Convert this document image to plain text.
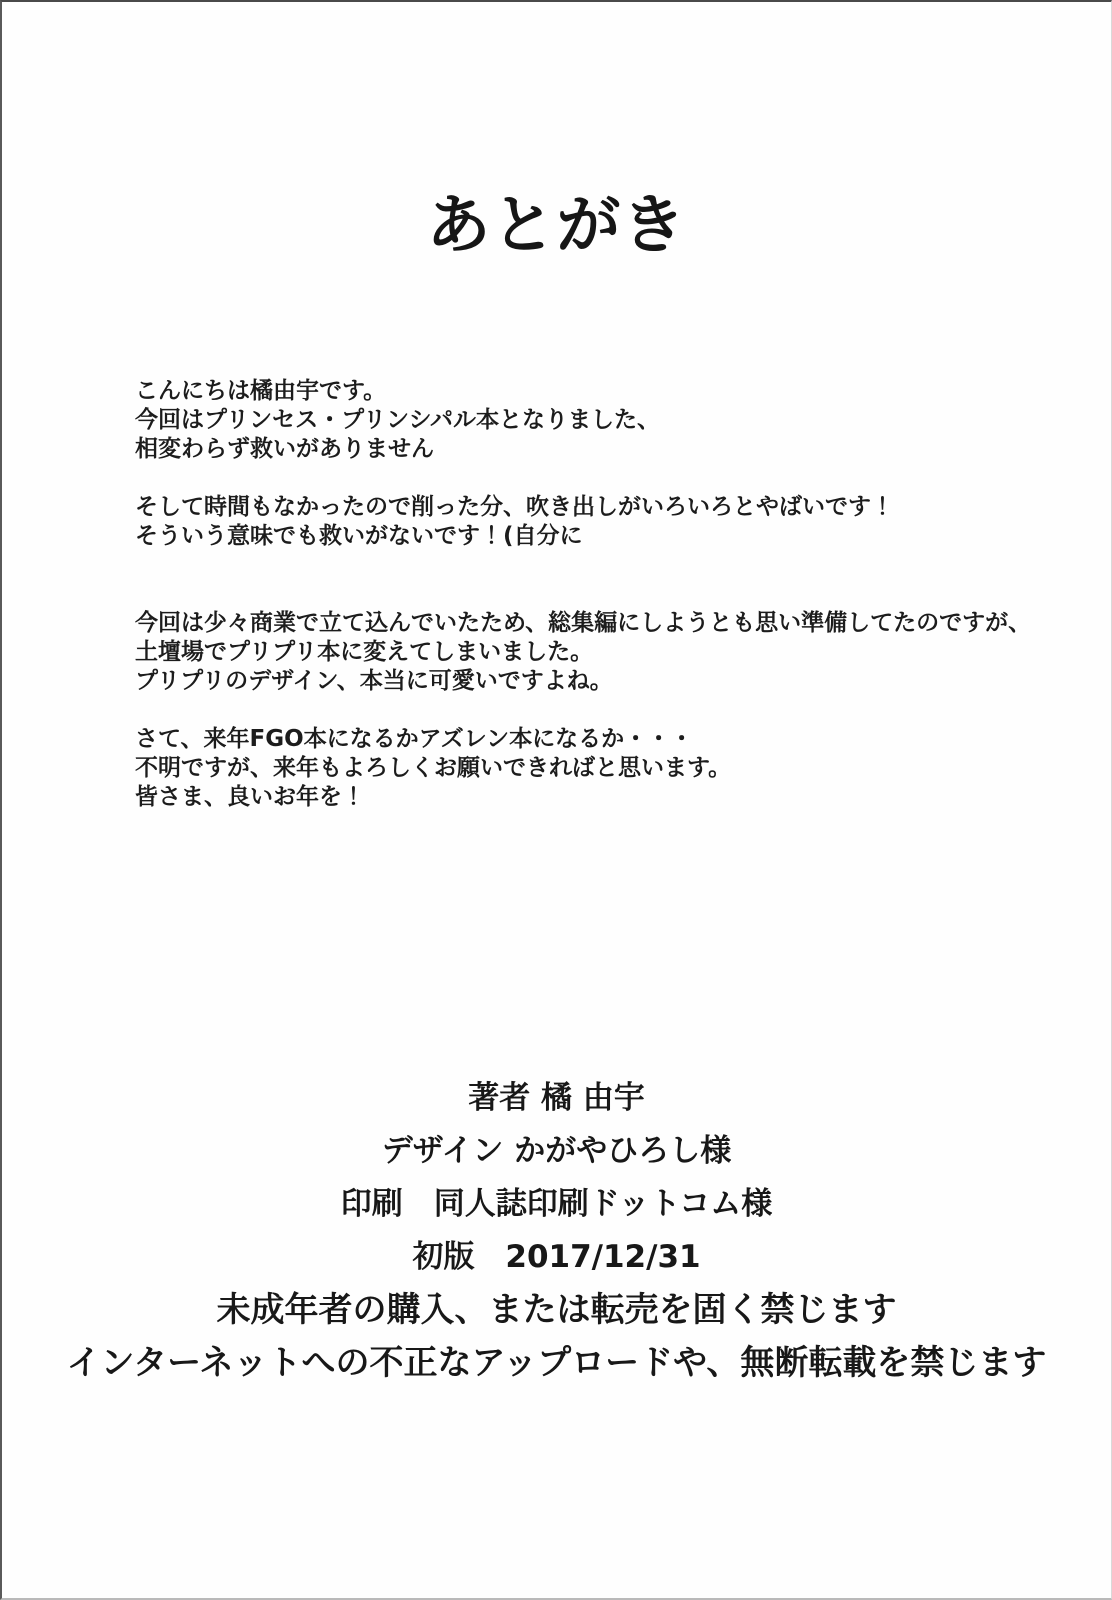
あとがき
こんにちは橘由宇です。
今回はプリンセス・プリンシパル本となりました、
相変わらず救いがありません
そして時間もなかったので削った分、吹き出しがいろいろとやばいです！
そういう意味でも救いがないです！(自分に
今回は少々商業で立て込んでいたため、総集編にしようとも思い準備してたのですが、
土壇場でプリプリ本に変えてしまいました。
プリプリのデザイン、本当に可愛いですよね。
さて、来年FGO本になるかアズレン本になるか・・・
不明ですが、来年もよろしくお願いできればと思います。
皆さま、良いお年を！
著者 橘 由宇
デザイン かがやひろし様
印刷　同人誌印刷ドットコム様
初版　2017/12/31
未成年者の購入、または転売を固く禁じます
インターネットへの不正なアップロードや、無断転載を禁じます
